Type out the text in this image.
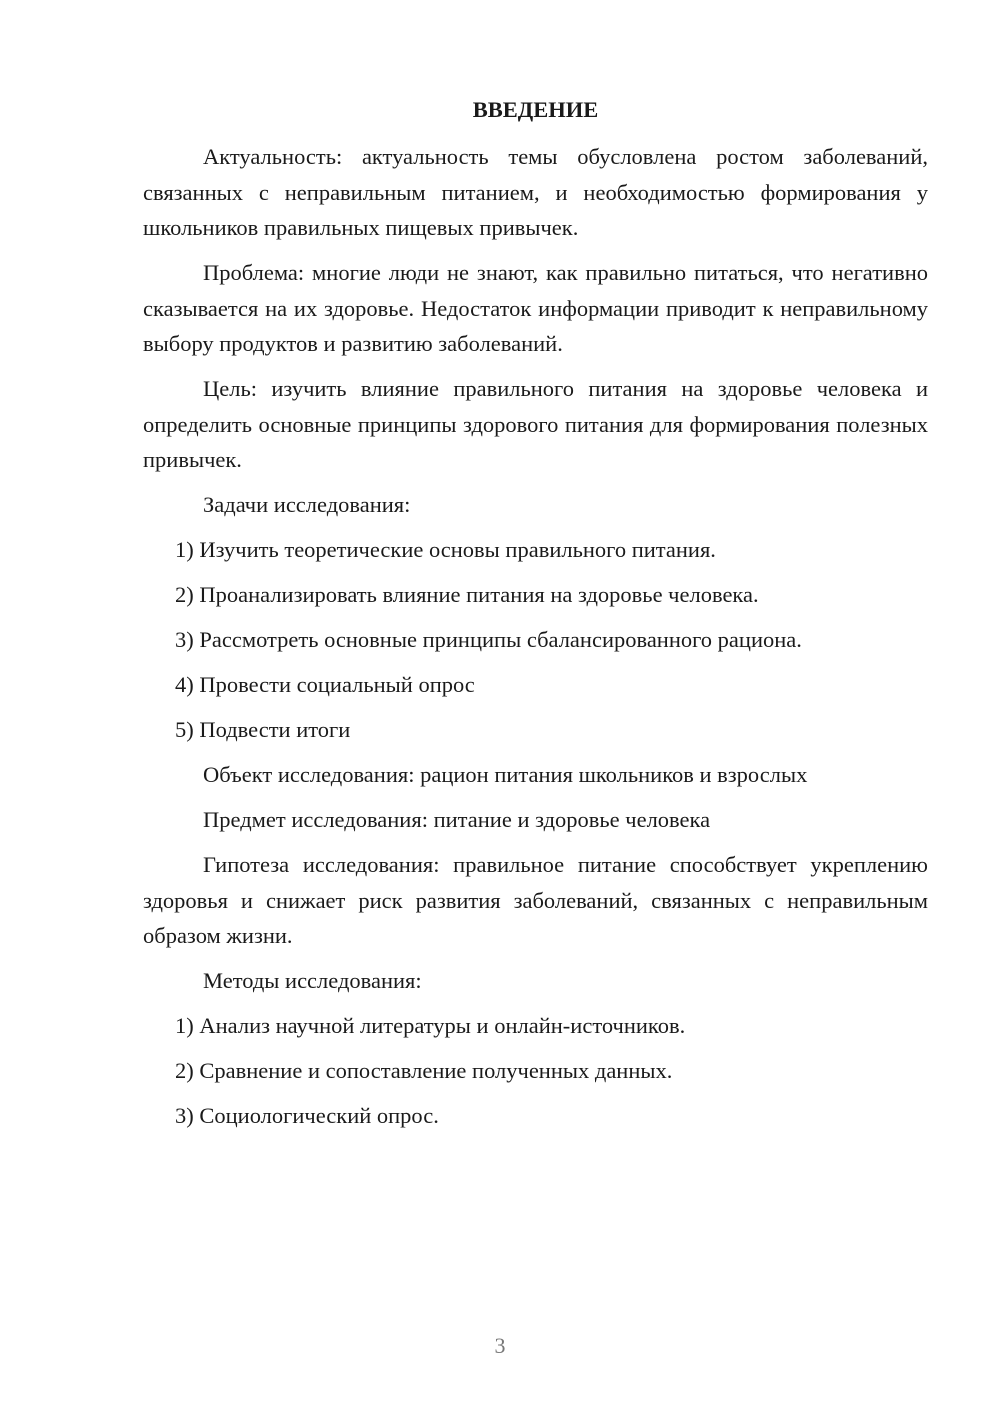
ВВЕДЕНИЕ

Актуальность: актуальность темы обусловлена ростом заболеваний, связанных с неправильным питанием, и необходимостью формирования у школьников правильных пищевых привычек.

Проблема: многие люди не знают, как правильно питаться, что негативно сказывается на их здоровье. Недостаток информации приводит к неправильному выбору продуктов и развитию заболеваний.

Цель: изучить влияние правильного питания на здоровье человека и определить основные принципы здорового питания для формирования полезных привычек.

Задачи исследования:

1) Изучить теоретические основы правильного питания.
2) Проанализировать влияние питания на здоровье человека.
3) Рассмотреть основные принципы сбалансированного рациона.
4) Провести социальный опрос
5) Подвести итоги

Объект исследования: рацион питания школьников и взрослых

Предмет исследования: питание и здоровье человека

Гипотеза исследования: правильное питание способствует укреплению здоровья и снижает риск развития заболеваний, связанных с неправильным образом жизни.

Методы исследования:

1) Анализ научной литературы и онлайн-источников.
2) Сравнение и сопоставление полученных данных.
3) Социологический опрос.
3
